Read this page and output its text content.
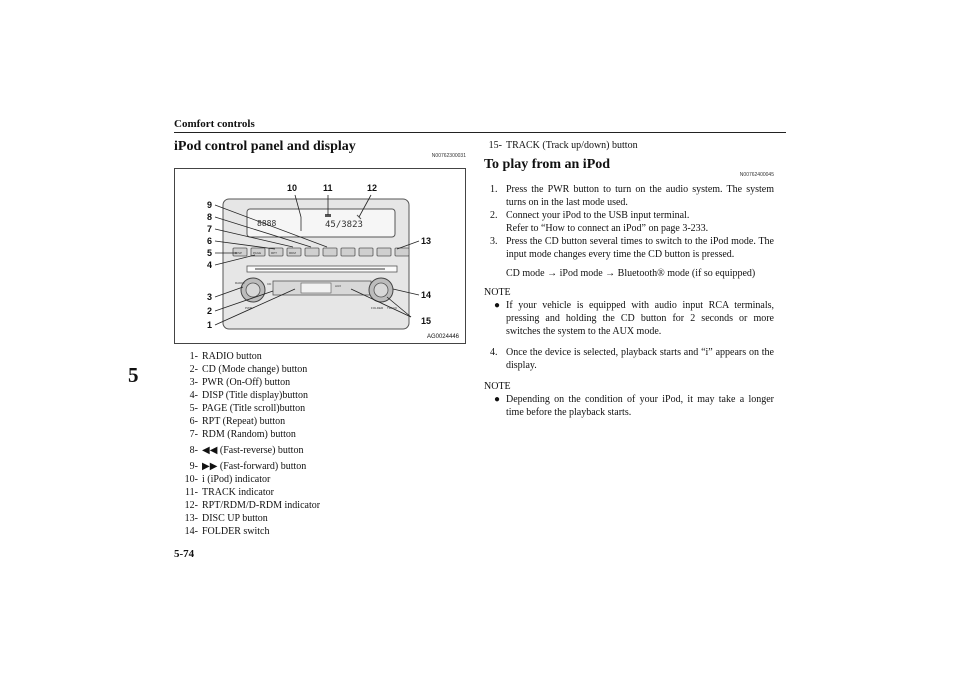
Comfort controls
5
5-74
iPod control panel and display
N00762300031
8888	45/3823
9
8
7
6
5
4
3
2
1
10	11	12
13
14
15
DISP	PAGE	RPT	RDM
RADIO	CD
PWR
AUX
FOLDER TRACK
AG0024446
1- RADIO button
2- CD (Mode change) button
3- PWR (On-Off) button
4- DISP (Title display)button
5- PAGE (Title scroll)button
6- RPT (Repeat) button
7- RDM (Random) button
8- ◀◀ (Fast-reverse) button
9- ▶▶ (Fast-forward) button
10- i (iPod) indicator
11- TRACK indicator
12- RPT/RDM/D-RDM indicator
13- DISC UP button
14- FOLDER switch
15- TRACK (Track up/down) button
To play from an iPod
N00762400045
1. Press the PWR button to turn on the audio system. The system turns on in the last mode used.
2. Connect your iPod to the USB input terminal.
Refer to “How to connect an iPod” on page 3-233.
3. Press the CD button several times to switch to the iPod mode. The input mode changes every time the CD button is pressed.
CD mode → iPod mode → Bluetooth® mode (if so equipped)
NOTE
● If your vehicle is equipped with audio input RCA terminals, pressing and holding the CD button for 2 seconds or more switches the system to the AUX mode.
4. Once the device is selected, playback starts and “i” appears on the display.
NOTE
● Depending on the condition of your iPod, it may take a longer time before the playback starts.
